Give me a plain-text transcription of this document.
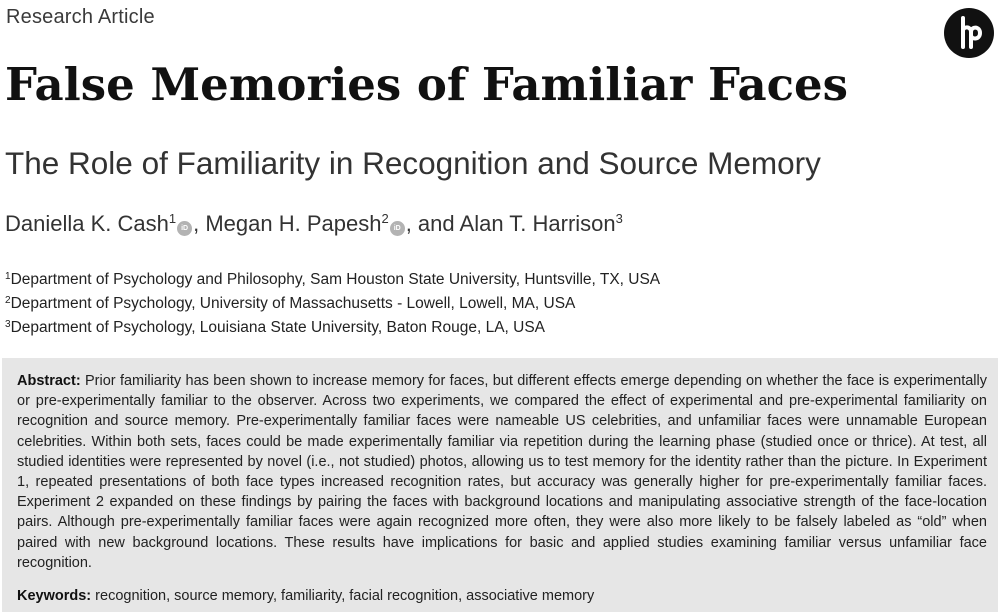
Research Article
False Memories of Familiar Faces
The Role of Familiarity in Recognition and Source Memory
Daniella K. Cash$^1$iD , Megan H. Papesh$^2$iD , and Alan T. Harrison$^3$
$^1$Department of Psychology and Philosophy, Sam Houston State University, Huntsville, TX, USA
$^2$Department of Psychology, University of Massachusetts - Lowell, Lowell, MA, USA
$^3$Department of Psychology, Louisiana State University, Baton Rouge, LA, USA

Abstract: Prior familiarity has been shown to increase memory for faces, but different effects emerge depending on whether the face is experimentally or pre-experimentally familiar to the observer. Across two experiments, we compared the effect of experimental and pre-experimental familiarity on recognition and source memory. Pre-experimentally familiar faces were nameable US celebrities, and unfamiliar faces were unnamable European celebrities. Within both sets, faces could be made experimentally familiar via repetition during the learning phase (studied once or thrice). At test, all studied identities were represented by novel (i.e., not studied) photos, allowing us to test memory for the identity rather than the picture. In Experiment 1, repeated presentations of both face types increased recognition rates, but accuracy was generally higher for pre-experimentally familiar faces. Experiment 2 expanded on these findings by pairing the faces with background locations and manipulating associative strength of the face-location pairs. Although pre-experimentally familiar faces were again recognized more often, they were also more likely to be falsely labeled as “old” when paired with new background locations. These results have implications for basic and applied studies examining familiar versus unfamiliar face recognition.

Keywords: recognition, source memory, familiarity, facial recognition, associative memory
